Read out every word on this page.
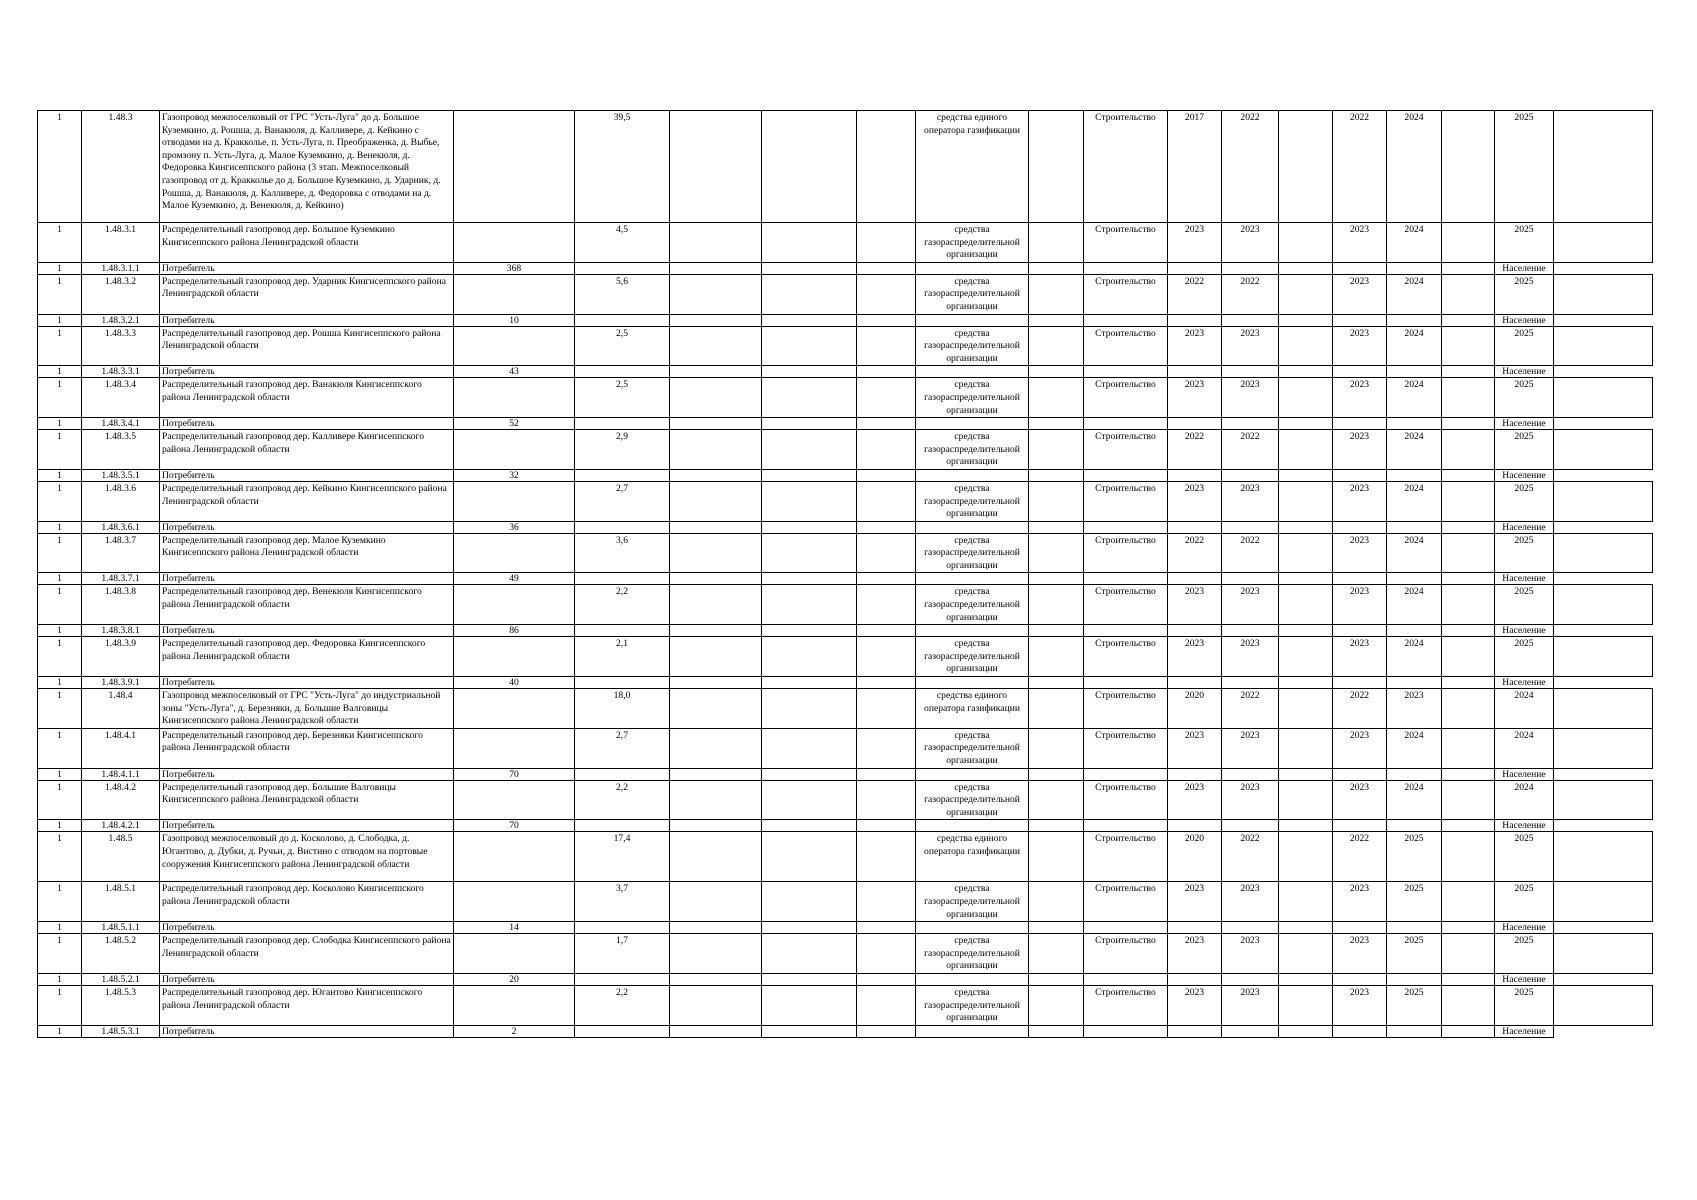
1	1.48.3	Газопровод межпоселковый от ГРС "Усть-Луга" до д. Большое Куземкино, д. Рошша, д. Ванакюля, д. Калливере, д. Кейкино с отводами на д. Кракколье, п. Усть-Луга, п. Преображенка, д. Выбье, промзону п. Усть-Луга, д. Малое Куземкино, д. Венекюля, д. Федоровка Кингисеппского района (3 этап. Межпоселковый газопровод от д. Кракколье до д. Большое Куземкино, д. Ударник, д. Рошша, д. Ванакюля, д. Калливере, д. Федоровка с отводами на д. Малое Куземкино, д. Венекюля, д. Кейкино)		39,5				средства единого оператора газификации		Строительство	2017	2022		2022	2024		2025	
1	1.48.3.1	Распределительный газопровод дер. Большое Куземкино Кингисеппского района Ленинградской области		4,5				средства газораспределительной организации		Строительство	2023	2023		2023	2024		2025	
1	1.48.3.1.1	Потребитель	368														Население	
1	1.48.3.2	Распределительный газопровод дер. Ударник Кингисеппского района Ленинградской области		5,6				средства газораспределительной организации		Строительство	2022	2022		2023	2024		2025	
1	1.48.3.2.1	Потребитель	10														Население	
1	1.48.3.3	Распределительный газопровод дер. Рошша Кингисеппского района Ленинградской области		2,5				средства газораспределительной организации		Строительство	2023	2023		2023	2024		2025	
1	1.48.3.3.1	Потребитель	43														Население	
1	1.48.3.4	Распределительный газопровод дер. Ванакюля Кингисеппского района Ленинградской области		2,5				средства газораспределительной организации		Строительство	2023	2023		2023	2024		2025	
1	1.48.3.4.1	Потребитель	52														Население	
1	1.48.3.5	Распределительный газопровод дер. Калливере Кингисеппского района Ленинградской области		2,9				средства газораспределительной организации		Строительство	2022	2022		2023	2024		2025	
1	1.48.3.5.1	Потребитель	32														Население	
1	1.48.3.6	Распределительный газопровод дер. Кейкино Кингисеппского района Ленинградской области		2,7				средства газораспределительной организации		Строительство	2023	2023		2023	2024		2025	
1	1.48.3.6.1	Потребитель	36														Население	
1	1.48.3.7	Распределительный газопровод дер. Малое Куземкино Кингисеппского района Ленинградской области		3,6				средства газораспределительной организации		Строительство	2022	2022		2023	2024		2025	
1	1.48.3.7.1	Потребитель	49														Население	
1	1.48.3.8	Распределительный газопровод дер. Венекюля Кингисеппского района Ленинградской области		2,2				средства газораспределительной организации		Строительство	2023	2023		2023	2024		2025	
1	1.48.3.8.1	Потребитель	86														Население	
1	1.48.3.9	Распределительный газопровод дер. Федоровка Кингисеппского района Ленинградской области		2,1				средства газораспределительной организации		Строительство	2023	2023		2023	2024		2025	
1	1.48.3.9.1	Потребитель	40														Население	
1	1.48.4	Газопровод межпоселковый от ГРС "Усть-Луга" до индустриальной зоны "Усть-Луга", д. Березняки, д. Большие Валговицы Кингисеппского района Ленинградской области		18,0				средства единого оператора газификации		Строительство	2020	2022		2022	2023		2024	
1	1.48.4.1	Распределительный газопровод дер. Березняки Кингисеппского района Ленинградской области		2,7				средства газораспределительной организации		Строительство	2023	2023		2023	2024		2024	
1	1.48.4.1.1	Потребитель	70														Население	
1	1.48.4.2	Распределительный газопровод дер. Большие Валговицы Кингисеппского района Ленинградской области		2,2				средства газораспределительной организации		Строительство	2023	2023		2023	2024		2024	
1	1.48.4.2.1	Потребитель	70														Население	
1	1.48.5	Газопровод межпоселковый до д. Косколово, д. Слободка, д. Югантово, д. Дубки, д. Ручьи, д. Вистино с отводом на портовые сооружения Кингисеппского района Ленинградской области		17,4				средства единого оператора газификации		Строительство	2020	2022		2022	2025		2025	
1	1.48.5.1	Распределительный газопровод дер. Косколово Кингисеппского района Ленинградской области		3,7				средства газораспределительной организации		Строительство	2023	2023		2023	2025		2025	
1	1.48.5.1.1	Потребитель	14														Население	
1	1.48.5.2	Распределительный газопровод дер. Слободка Кингисеппского района Ленинградской области		1,7				средства газораспределительной организации		Строительство	2023	2023		2023	2025		2025	
1	1.48.5.2.1	Потребитель	20														Население	
1	1.48.5.3	Распределительный газопровод дер. Югантово Кингисеппского района Ленинградской области		2,2				средства газораспределительной организации		Строительство	2023	2023		2023	2025		2025	
1	1.48.5.3.1	Потребитель	2														Население	
